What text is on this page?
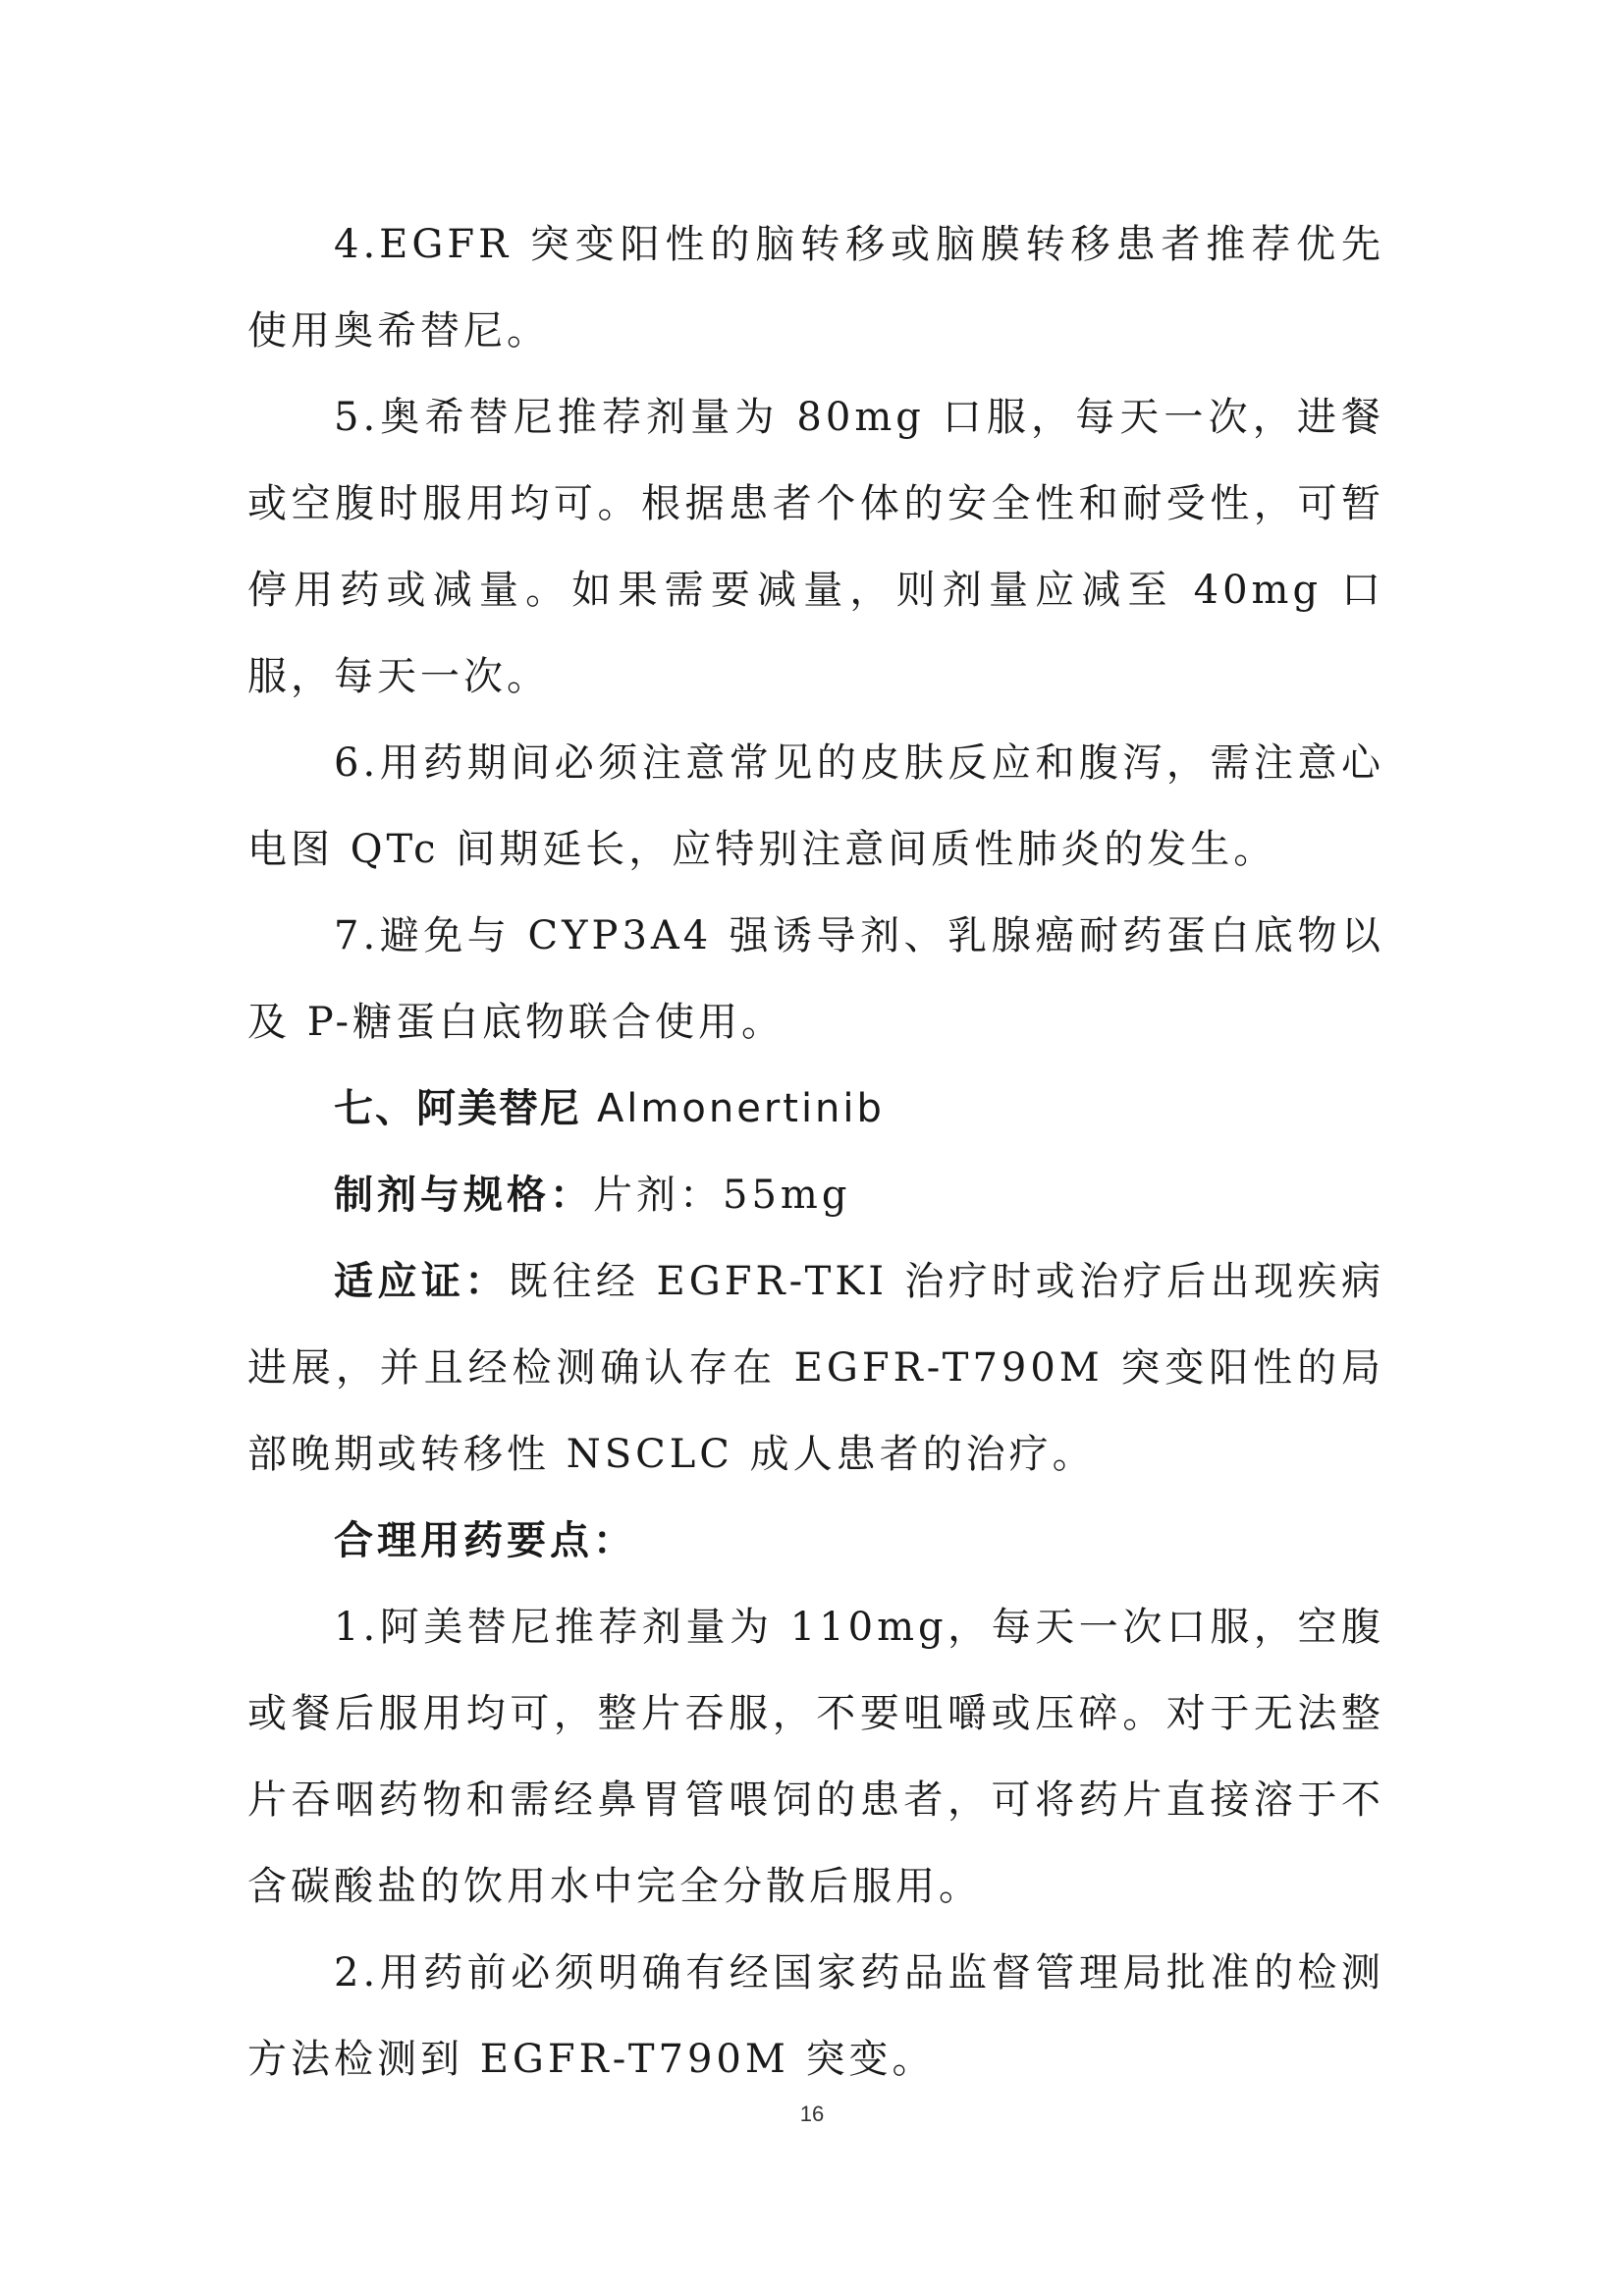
4.EGFR 突变阳性的脑转移或脑膜转移患者推荐优先使用奥希替尼。

5.奥希替尼推荐剂量为 80mg 口服，每天一次，进餐或空腹时服用均可。根据患者个体的安全性和耐受性，可暂停用药或减量。如果需要减量，则剂量应减至 40mg 口服，每天一次。

6.用药期间必须注意常见的皮肤反应和腹泻，需注意心电图 QTc 间期延长，应特别注意间质性肺炎的发生。

7.避免与 CYP3A4 强诱导剂、乳腺癌耐药蛋白底物以及 P-糖蛋白底物联合使用。

七、阿美替尼 Almonertinib

制剂与规格：片剂：55mg

适应证：既往经 EGFR-TKI 治疗时或治疗后出现疾病进展，并且经检测确认存在 EGFR-T790M 突变阳性的局部晚期或转移性 NSCLC 成人患者的治疗。

合理用药要点：

1.阿美替尼推荐剂量为 110mg，每天一次口服，空腹或餐后服用均可，整片吞服，不要咀嚼或压碎。对于无法整片吞咽药物和需经鼻胃管喂饲的患者，可将药片直接溶于不含碳酸盐的饮用水中完全分散后服用。

2.用药前必须明确有经国家药品监督管理局批准的检测方法检测到 EGFR-T790M 突变。

16
